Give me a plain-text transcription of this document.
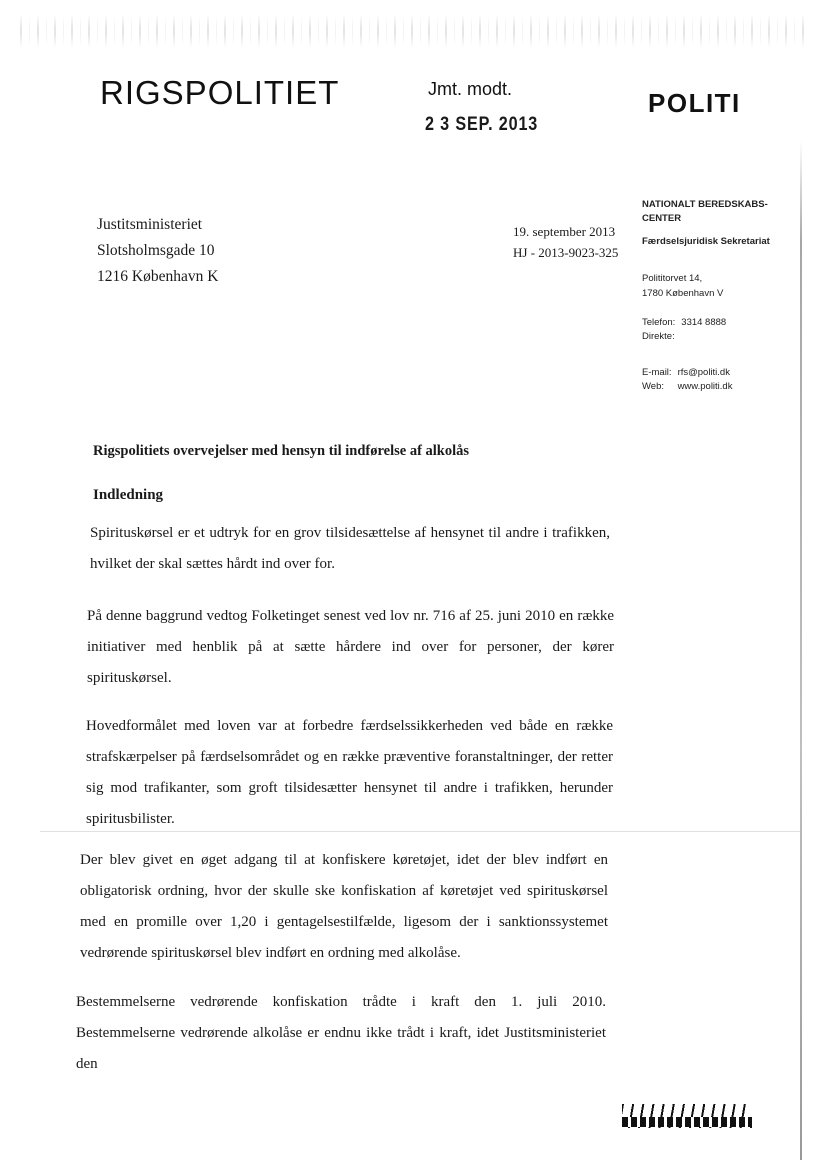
RIGSPOLITIET	Jmt. modt.
2 3 SEP. 2013
POLITI
Justitsministeriet
Slotsholmsgade 10
1216 København K
19. september 2013
HJ - 2013-9023-325
NATIONALT BEREDSKABS-CENTER
Færdselsjuridisk Sekretariat
Polititorvet 14,
1780 København V
Telefon:	3314 8888
Direkte:	
E-mail:	rfs@politi.dk
Web:	www.politi.dk
Rigspolitiets overvejelser med hensyn til indførelse af alkolås
Indledning
Spirituskørsel er et udtryk for en grov tilsidesættelse af hensynet til andre i trafikken, hvilket der skal sættes hårdt ind over for.
På denne baggrund vedtog Folketinget senest ved lov nr. 716 af 25. juni 2010 en række initiativer med henblik på at sætte hårdere ind over for personer, der kører spirituskørsel.
Hovedformålet med loven var at forbedre færdselssikkerheden ved både en række strafskærpelser på færdselsområdet og en række præventive foranstaltninger, der retter sig mod trafikanter, som groft tilsidesætter hensynet til andre i trafikken, herunder spiritusbilister.
Der blev givet en øget adgang til at konfiskere køretøjet, idet der blev indført en obligatorisk ordning, hvor der skulle ske konfiskation af køretøjet ved spirituskørsel med en promille over 1,20 i gentagelsestilfælde, ligesom der i sanktionssystemet vedrørende spirituskørsel blev indført en ordning med alkolåse.
Bestemmelserne vedrørende konfiskation trådte i kraft den 1. juli 2010. Bestemmelserne vedrørende alkolåse er endnu ikke trådt i kraft, idet Justitsministeriet den
